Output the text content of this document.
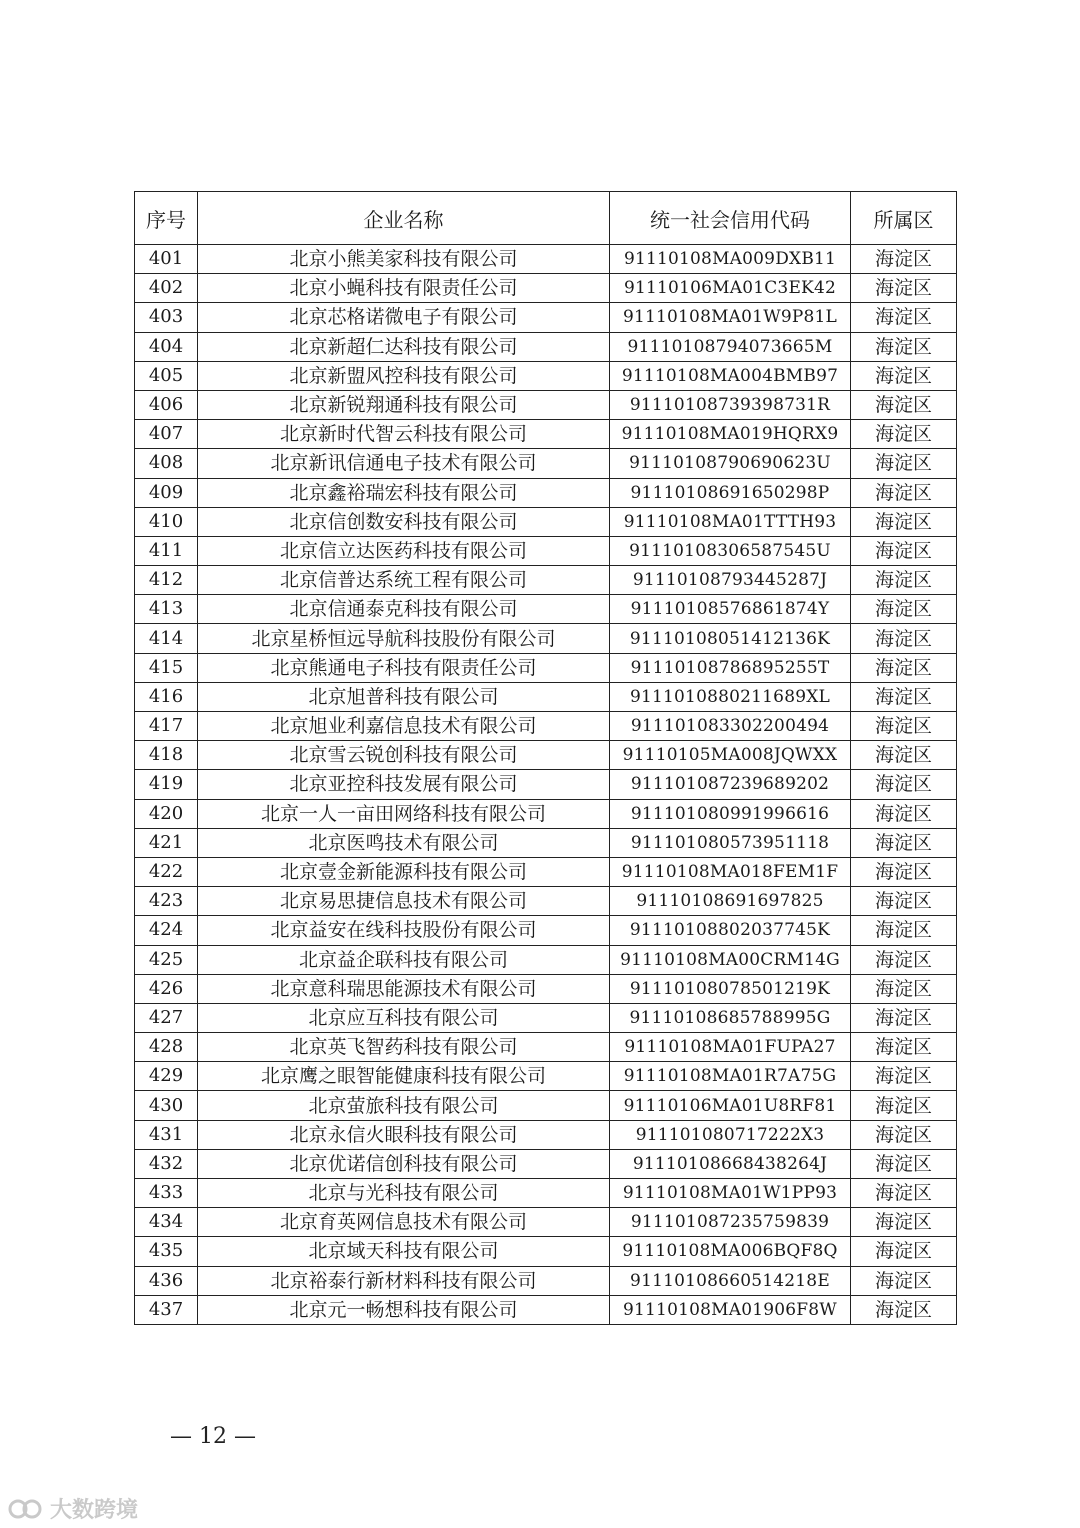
序号	企业名称	统一社会信用代码	所属区
401	北京小熊美家科技有限公司	91110108MA009DXB11	海淀区
402	北京小蝇科技有限责任公司	91110106MA01C3EK42	海淀区
403	北京芯格诺微电子有限公司	91110108MA01W9P81L	海淀区
404	北京新超仁达科技有限公司	91110108794073665M	海淀区
405	北京新盟风控科技有限公司	91110108MA004BMB97	海淀区
406	北京新锐翔通科技有限公司	91110108739398731R	海淀区
407	北京新时代智云科技有限公司	91110108MA019HQRX9	海淀区
408	北京新讯信通电子技术有限公司	91110108790690623U	海淀区
409	北京鑫裕瑞宏科技有限公司	91110108691650298P	海淀区
410	北京信创数安科技有限公司	91110108MA01TTTH93	海淀区
411	北京信立达医药科技有限公司	91110108306587545U	海淀区
412	北京信普达系统工程有限公司	91110108793445287J	海淀区
413	北京信通泰克科技有限公司	91110108576861874Y	海淀区
414	北京星桥恒远导航科技股份有限公司	91110108051412136K	海淀区
415	北京熊通电子科技有限责任公司	91110108786895255T	海淀区
416	北京旭普科技有限公司	9111010880211689XL	海淀区
417	北京旭业利嘉信息技术有限公司	911101083302200494	海淀区
418	北京雪云锐创科技有限公司	91110105MA008JQWXX	海淀区
419	北京亚控科技发展有限公司	911101087239689202	海淀区
420	北京一人一亩田网络科技有限公司	911101080991996616	海淀区
421	北京医鸣技术有限公司	911101080573951118	海淀区
422	北京壹金新能源科技有限公司	91110108MA018FEM1F	海淀区
423	北京易思捷信息技术有限公司	91110108691697825	海淀区
424	北京益安在线科技股份有限公司	91110108802037745K	海淀区
425	北京益企联科技有限公司	91110108MA00CRM14G	海淀区
426	北京意科瑞思能源技术有限公司	91110108078501219K	海淀区
427	北京应互科技有限公司	91110108685788995G	海淀区
428	北京英飞智药科技有限公司	91110108MA01FUPA27	海淀区
429	北京鹰之眼智能健康科技有限公司	91110108MA01R7A75G	海淀区
430	北京萤旅科技有限公司	91110106MA01U8RF81	海淀区
431	北京永信火眼科技有限公司	911101080717222X3	海淀区
432	北京优诺信创科技有限公司	91110108668438264J	海淀区
433	北京与光科技有限公司	91110108MA01W1PP93	海淀区
434	北京育英网信息技术有限公司	911101087235759839	海淀区
435	北京域天科技有限公司	91110108MA006BQF8Q	海淀区
436	北京裕泰行新材料科技有限公司	91110108660514218E	海淀区
437	北京元一畅想科技有限公司	91110108MA01906F8W	海淀区
— 12 —
大数跨境
